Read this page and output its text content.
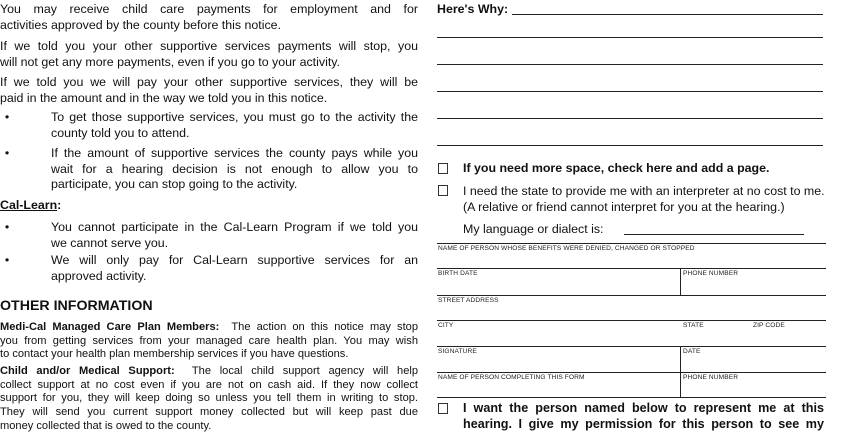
You may receive child care payments for employment and for

activities approved by the county before this notice.
If we told you your other supportive services payments will stop, you
will not get any more payments, even if you go to your activity.
If we told you we will pay your other supportive services, they will be
paid in the amount and in the way we told you in this notice.
•	To get those supportive services, you must go to the activity the
county told you to attend.
•	If the amount of supportive services the county pays while you
wait for a hearing decision is not enough to allow you to
participate, you can stop going to the activity.
Cal-Learn:
•	You cannot participate in the Cal-Learn Program if we told you
we cannot serve you.
•	We will only pay for Cal-Learn supportive services for an
approved activity.
OTHER INFORMATION
Medi-Cal Managed Care Plan Members: The action on this notice may stop
you from getting services from your managed care health plan. You may wish
to contact your health plan membership services if you have questions.
Child and/or Medical Support: The local child support agency will help
collect support at no cost even if you are not on cash aid. If they now collect
support for you, they will keep doing so unless you tell them in writing to stop.
They will send you current support money collected but will keep past due
money collected that is owed to the county.
Here's Why:
If you need more space, check here and add a page.
I need the state to provide me with an interpreter at no cost to me.
(A relative or friend cannot interpret for you at the hearing.)
My language or dialect is:
NAME OF PERSON WHOSE BENEFITS WERE DENIED, CHANGED OR STOPPED
BIRTH DATE	PHONE NUMBER
STREET ADDRESS
CITY	STATE	ZIP CODE
SIGNATURE	DATE
NAME OF PERSON COMPLETING THIS FORM	PHONE NUMBER
I want the person named below to represent me at this
hearing. I give my permission for this person to see my
